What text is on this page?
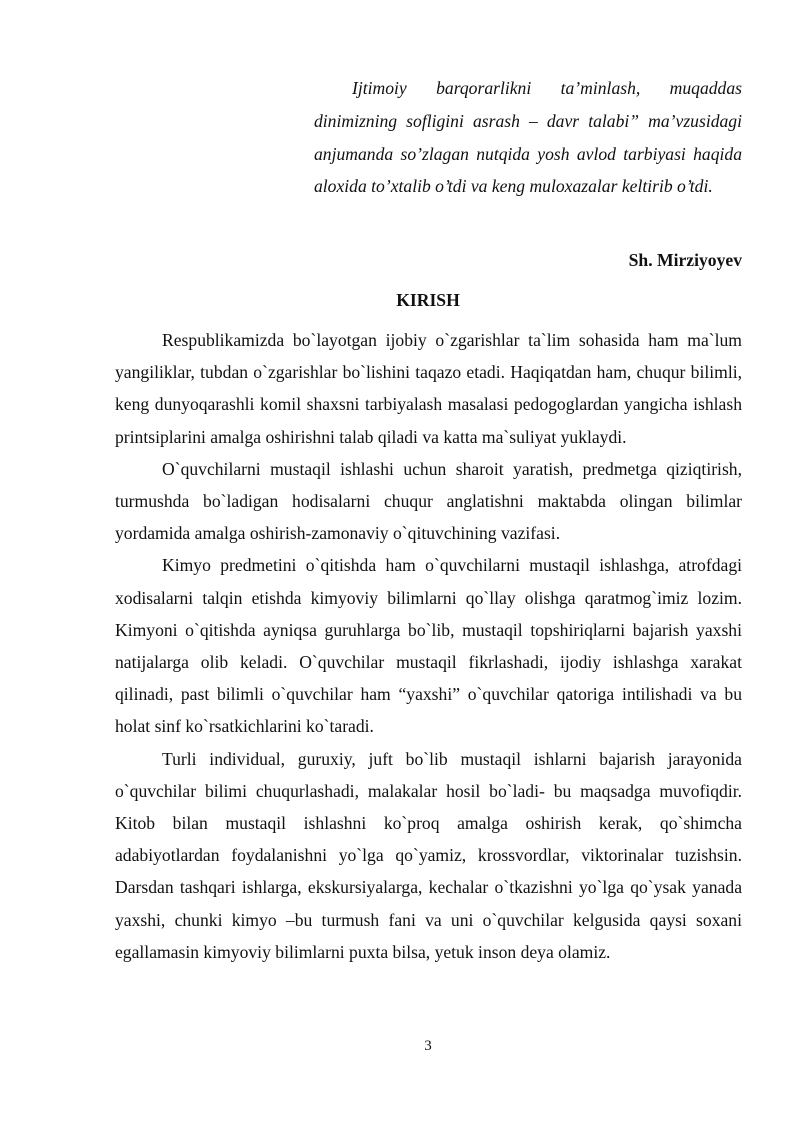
Ijtimoiy barqorarlikni ta’minlash, muqaddas dinimizning sofligini asrash – davr talabi” ma’vzusidagi anjumanda so’zlagan nutqida yosh avlod tarbiyasi haqida aloxida to’xtalib o’tdi va keng muloxazalar keltirib o’tdi.
Sh. Mirziyoyev
KIRISH

Respublikamizda bo`layotgan ijobiy o`zgarishlar ta`lim sohasida ham ma`lum yangiliklar, tubdan o`zgarishlar bo`lishini taqazo etadi. Haqiqatdan ham, chuqur bilimli, keng dunyoqarashli komil shaxsni tarbiyalash masalasi pedogoglardan yangicha ishlash printsiplarini amalga oshirishni talab qiladi va katta ma`suliyat yuklaydi.

O`quvchilarni mustaqil ishlashi uchun sharoit yaratish, predmetga qiziqtirish, turmushda bo`ladigan hodisalarni chuqur anglatishni maktabda olingan bilimlar yordamida amalga oshirish-zamonaviy o`qituvchining vazifasi.

Kimyo predmetini o`qitishda ham o`quvchilarni mustaqil ishlashga, atrofdagi xodisalarni talqin etishda kimyoviy bilimlarni qo`llay olishga qaratmog`imiz lozim. Kimyoni o`qitishda ayniqsa guruhlarga bo`lib, mustaqil topshiriqlarni bajarish yaxshi natijalarga olib keladi. O`quvchilar mustaqil fikrlashadi, ijodiy ishlashga xarakat qilinadi, past bilimli o`quvchilar ham “yaxshi” o`quvchilar qatoriga intilishadi va bu holat sinf ko`rsatkichlarini ko`taradi.

Turli individual, guruxiy, juft bo`lib mustaqil ishlarni bajarish jarayonida o`quvchilar bilimi chuqurlashadi, malakalar hosil bo`ladi- bu maqsadga muvofiqdir. Kitob bilan mustaqil ishlashni ko`proq amalga oshirish kerak, qo`shimcha adabiyotlardan foydalanishni yo`lga qo`yamiz, krossvordlar, viktorinalar tuzishsin. Darsdan tashqari ishlarga, ekskursiyalarga, kechalar o`tkazishni yo`lga qo`ysak yanada yaxshi, chunki kimyo –bu turmush fani va uni o`quvchilar kelgusida qaysi soxani egallamasin kimyoviy bilimlarni puxta bilsa, yetuk inson deya olamiz.

3
